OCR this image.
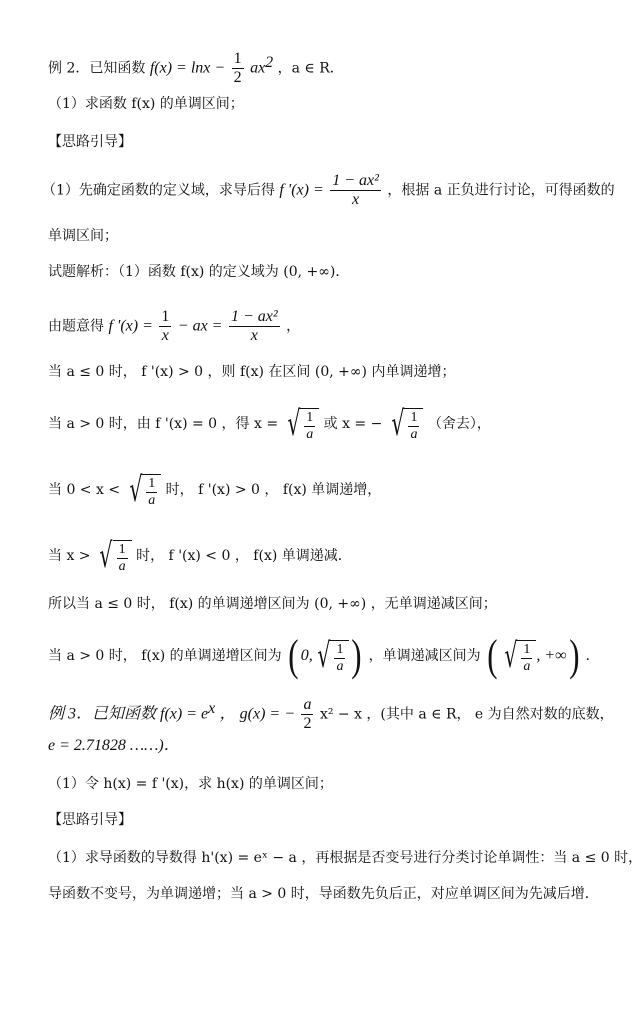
例 2．已知函数 $f(x) = \ln x - \frac{1}{2} ax^2$ ，a ∈ R．
（1）求函数 f(x) 的单调区间；
【思路引导】
（1）先确定函数的定义域，求导后得 f '$(x) = \frac{\text{1 − ax²}}{x}$ ，根据 a 正负进行讨论，可得函数的
单调区间；
试题解析：（1）函数 f(x) 的定义域为 (0, +∞)．
由题意得 f '$(x) = \frac{1}{x}$ − ax = $\frac{\text{1 − ax²}}{x}$ ，
当 a ≤ 0 时， f '(x) > 0 ，则 f(x) 在区间 (0, +∞) 内单调递增；
当 a > 0 时，由 f '(x) = 0 ，得 x = √ $\frac{1}{a}$ 或 x = − √ $\frac{1}{a}$ （舍去），
当 0 < x < √ $\frac{1}{a}$ 时， f '(x) > 0 ， f(x) 单调递增，
当 x > √ $\frac{1}{a}$ 时， f '(x) < 0 ， f(x) 单调递减．
所以当 a ≤ 0 时， f(x) 的单调递增区间为 (0, +∞) ，无单调递减区间；
当 a > 0 时， f(x) 的单调递增区间为 ( 0, √ $\frac{1}{a}$ ) ，单调递减区间为 ( √ $\frac{1}{a}$ , +∞) ．
例 3．已知函数 $f(x) = e^x$ ， g(x) = − $\frac{a}{2} x^2 - x$ ，(其中 a ∈ R， e 为自然对数的底数，
e = 2.71828 ……)．
（1）令 h(x) = f '(x)，求 h(x) 的单调区间；
【思路引导】
（1）求导函数的导数得 h'(x) = eˣ − a ，再根据是否变号进行分类讨论单调性：当 a ≤ 0 时，
导函数不变号，为单调递增；当 a > 0 时，导函数先负后正，对应单调区间为先减后增．
